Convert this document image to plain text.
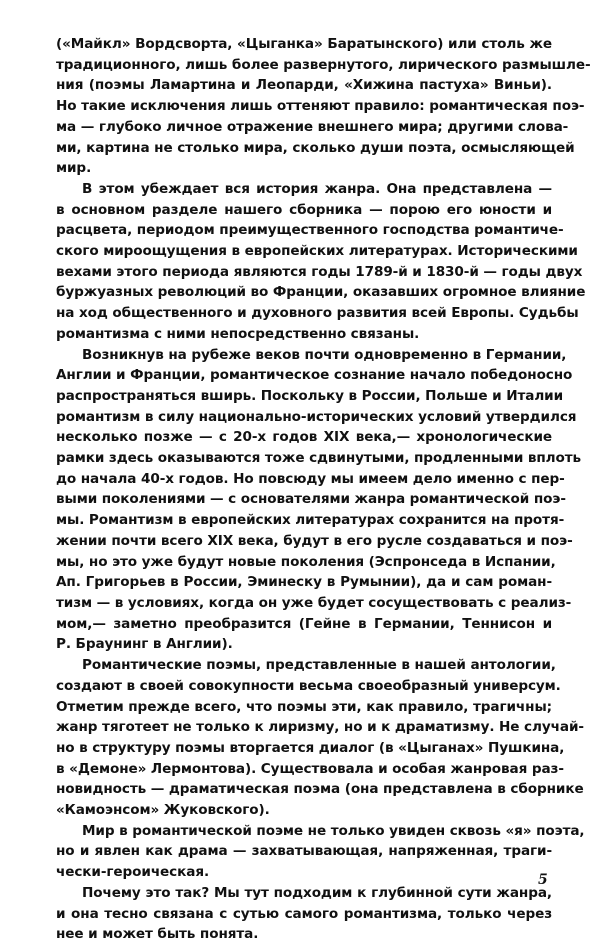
(«Майкл» Вордсворта, «Цыганка» Баратынского) или столь же
традиционного, лишь более развернутого, лирического размышле-
ния (поэмы Ламартина и Леопарди, «Хижина пастуха» Виньи).
Но такие исключения лишь оттеняют правило: романтическая поэ-
ма — глубоко личное отражение внешнего мира; другими словa-
ми, картина не столько мира, сколько души поэта, осмысляющей
мир.
В этом убеждает вся история жанра. Она представлена —
в основном разделе нашего сборника — порою его юности и
расцвета, периодом преимущественного господства романтиче-
ского мироощущения в европейских литературах. Историческими
вехами этого периода являются годы 1789-й и 1830-й — годы двух
буржуазных революций во Франции, оказавших огромное влияние
на ход общественного и духовного развития всей Европы. Судьбы
романтизма с ними непосредственно связаны.
Возникнув на рубеже веков почти одновременно в Германии,
Англии и Франции, романтическое сознание начало победоносно
распространяться вширь. Поскольку в России, Польше и Италии
романтизм в силу национально-исторических условий утвердился
несколько позже — с 20-х годов XIX века,— хронологические
рамки здесь оказываются тоже сдвинутыми, продленными вплоть
до начала 40-х годов. Но повсюду мы имеем дело именно с пер-
выми поколениями — с основателями жанра романтической поэ-
мы. Романтизм в европейских литературах сохранится на протя-
жении почти всего XIX века, будут в его русле создаваться и поэ-
мы, но это уже будут новые поколения (Эспронседа в Испании,
Ап. Григорьев в России, Эминеску в Румынии), да и сам роман-
тизм — в условиях, когда он уже будет сосуществовать с реализ-
мом,— заметно преобразится (Гейне в Германии, Теннисон и
Р. Браунинг в Англии).
Романтические поэмы, представленные в нашей антологии,
создают в своей совокупности весьма своеобразный универсум.
Отметим прежде всего, что поэмы эти, как правило, трагичны;
жанр тяготеет не только к лиризму, но и к драматизму. Не случай-
но в структуру поэмы вторгается диалог (в «Цыганах» Пушкина,
в «Демоне» Лермонтова). Существовала и особая жанровая раз-
новидность — драматическая поэма (она представлена в сборнике
«Камоэнсом» Жуковского).
Мир в романтической поэме не только увиден сквозь «я» поэта,
но и явлен как драма — захватывающая, напряженная, траги-
чески-героическая.
Почему это так? Мы тут подходим к глубинной сути жанра,
и она тесно связана с сутью самого романтизма, только через
нее и может быть понята.
5
